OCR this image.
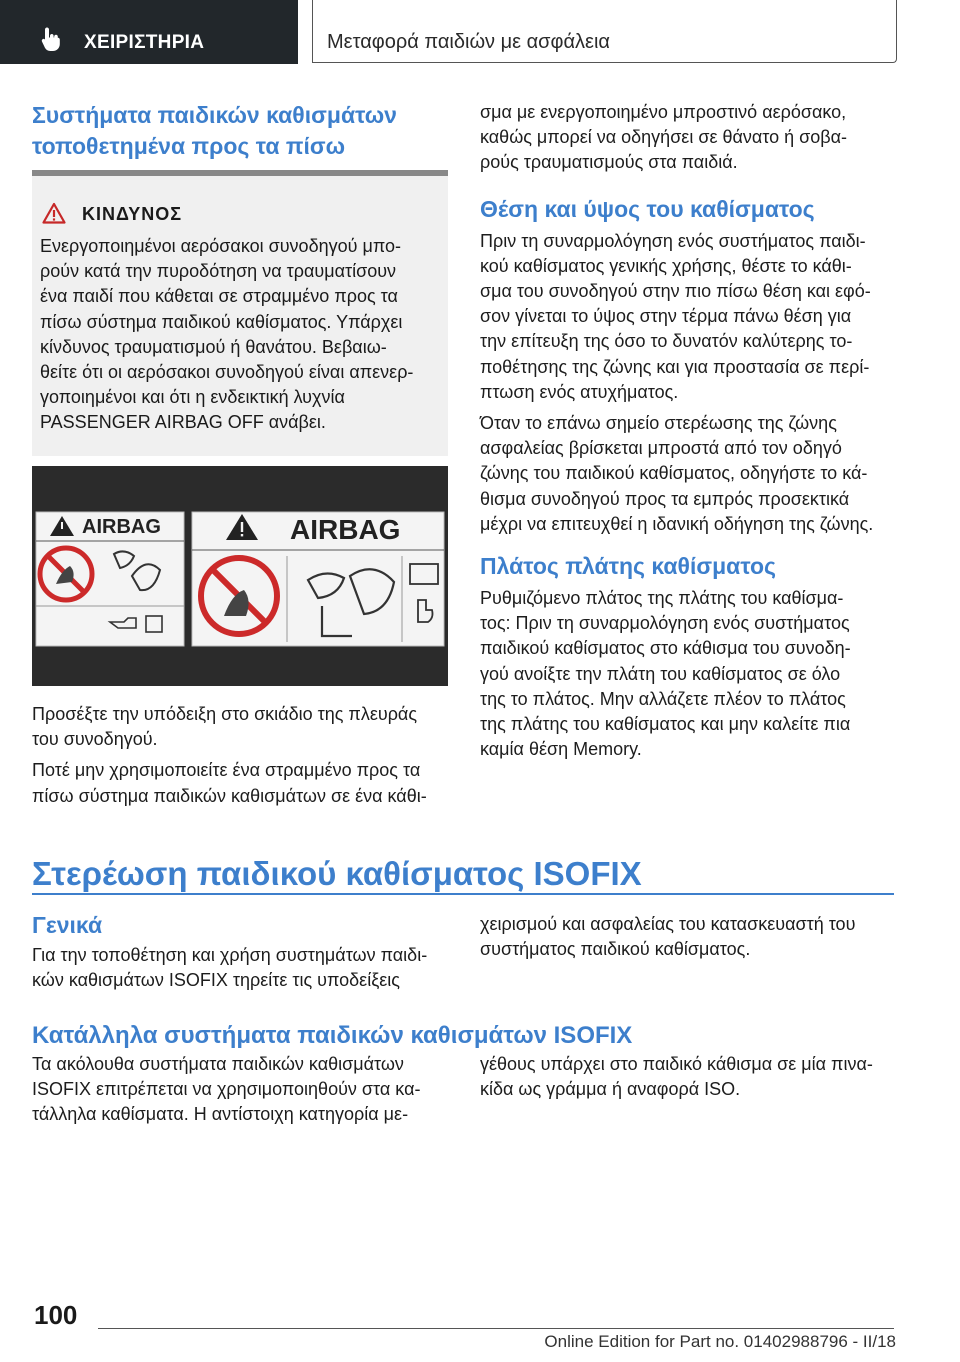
ΧΕΙΡΙΣΤΗΡΙΑ	Μεταφορά παιδιών με ασφάλεια

Συστήματα παιδικών καθισμάτων

τοποθετημένα προς τα πίσω

ΚΙΝΔΥΝΟΣ
Ενεργοποιημένοι αερόσακοι συνοδηγού μπο-
ρούν κατά την πυροδότηση να τραυματίσουν
ένα παιδί που κάθεται σε στραμμένο προς τα
πίσω σύστημα παιδικού καθίσματος. Υπάρχει
κίνδυνος τραυματισμού ή θανάτου. Βεβαιω-
θείτε ότι οι αερόσακοι συνοδηγού είναι απενερ-
γοποιημένοι και ότι η ενδεικτική λυχνία
PASSENGER AIRBAG OFF ανάβει.
AIRBAG	AIRBAG

Προσέξτε την υπόδειξη στο σκιάδιο της πλευράς
του συνοδηγού.

Ποτέ μην χρησιμοποιείτε ένα στραμμένο προς τα
πίσω σύστημα παιδικών καθισμάτων σε ένα κάθι-

σμα με ενεργοποιημένο μπροστινό αερόσακο,
καθώς μπορεί να οδηγήσει σε θάνατο ή σοβα-
ρούς τραυματισμούς στα παιδιά.

Θέση και ύψος του καθίσματος

Πριν τη συναρμολόγηση ενός συστήματος παιδι-
κού καθίσματος γενικής χρήσης, θέστε το κάθι-
σμα του συνοδηγού στην πιο πίσω θέση και εφό-
σον γίνεται το ύψος στην τέρμα πάνω θέση για
την επίτευξη της όσο το δυνατόν καλύτερης το-
ποθέτησης της ζώνης και για προστασία σε περί-
πτωση ενός ατυχήματος.

Όταν το επάνω σημείο στερέωσης της ζώνης
ασφαλείας βρίσκεται μπροστά από τον οδηγό
ζώνης του παιδικού καθίσματος, οδηγήστε το κά-
θισμα συνοδηγού προς τα εμπρός προσεκτικά
μέχρι να επιτευχθεί η ιδανική οδήγηση της ζώνης.

Πλάτος πλάτης καθίσματος

Ρυθμιζόμενο πλάτος της πλάτης του καθίσμα-
τος: Πριν τη συναρμολόγηση ενός συστήματος
παιδικού καθίσματος στο κάθισμα του συνοδη-
γού ανοίξτε την πλάτη του καθίσματος σε όλο
της το πλάτος. Μην αλλάζετε πλέον το πλάτος
της πλάτης του καθίσματος και μην καλείτε πια
καμία θέση Memory.

Στερέωση παιδικού καθίσματος ISOFIX

Γενικά

Για την τοποθέτηση και χρήση συστημάτων παιδι-
κών καθισμάτων ISOFIX τηρείτε τις υποδείξεις

χειρισμού και ασφαλείας του κατασκευαστή του
συστήματος παιδικού καθίσματος.

Κατάλληλα συστήματα παιδικών καθισμάτων ISOFIX

Τα ακόλουθα συστήματα παιδικών καθισμάτων
ISOFIX επιτρέπεται να χρησιμοποιηθούν στα κα-
τάλληλα καθίσματα. Η αντίστοιχη κατηγορία με-

γέθους υπάρχει στο παιδικό κάθισμα σε μία πινα-
κίδα ως γράμμα ή αναφορά ISO.

100
Online Edition for Part no. 01402988796 - II/18
